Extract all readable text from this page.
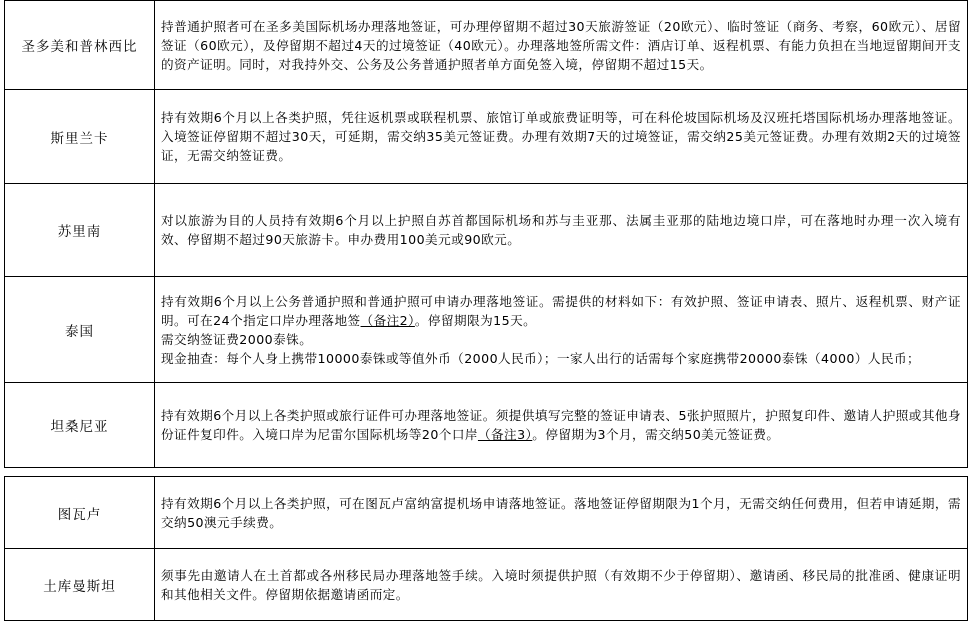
圣多美和普林西比	持普通护照者可在圣多美国际机场办理落地签证，可办理停留期不超过30天旅游签证（20欧元）、临时签证（商务、考察，60欧元）、居留签证（60欧元），及停留期不超过4天的过境签证（40欧元）。办理落地签所需文件：酒店订单、返程机票、有能力负担在当地逗留期间开支的资产证明。同时，对我持外交、公务及公务普通护照者单方面免签入境，停留期不超过15天。
斯里兰卡	持有效期6个月以上各类护照，凭往返机票或联程机票、旅馆订单或旅费证明等，可在科伦坡国际机场及汉班托塔国际机场办理落地签证。入境签证停留期不超过30天，可延期，需交纳35美元签证费。办理有效期7天的过境签证，需交纳25美元签证费。办理有效期2天的过境签证，无需交纳签证费。
苏里南	对以旅游为目的人员持有效期6个月以上护照自苏首都国际机场和苏与圭亚那、法属圭亚那的陆地边境口岸，可在落地时办理一次入境有效、停留期不超过90天旅游卡。申办费用100美元或90欧元。
泰国	持有效期6个月以上公务普通护照和普通护照可申请办理落地签证。需提供的材料如下：有效护照、签证申请表、照片、返程机票、财产证明。可在24个指定口岸办理落地签（备注2）。停留期限为15天。
需交纳签证费2000泰铢。
现金抽查：每个人身上携带10000泰铢或等值外币（2000人民币）；一家人出行的话需每个家庭携带20000泰铢（4000）人民币；

坦桑尼亚	持有效期6个月以上各类护照或旅行证件可办理落地签证。须提供填写完整的签证申请表、5张护照照片，护照复印件、邀请人护照或其他身份证件复印件。入境口岸为尼雷尔国际机场等20个口岸（备注3）。停留期为3个月，需交纳50美元签证费。
图瓦卢	持有效期6个月以上各类护照，可在图瓦卢富纳富提机场申请落地签证。落地签证停留期限为1个月，无需交纳任何费用，但若申请延期，需交纳50澳元手续费。
土库曼斯坦	须事先由邀请人在土首都或各州移民局办理落地签手续。入境时须提供护照（有效期不少于停留期）、邀请函、移民局的批准函、健康证明和其他相关文件。停留期依据邀请函而定。
